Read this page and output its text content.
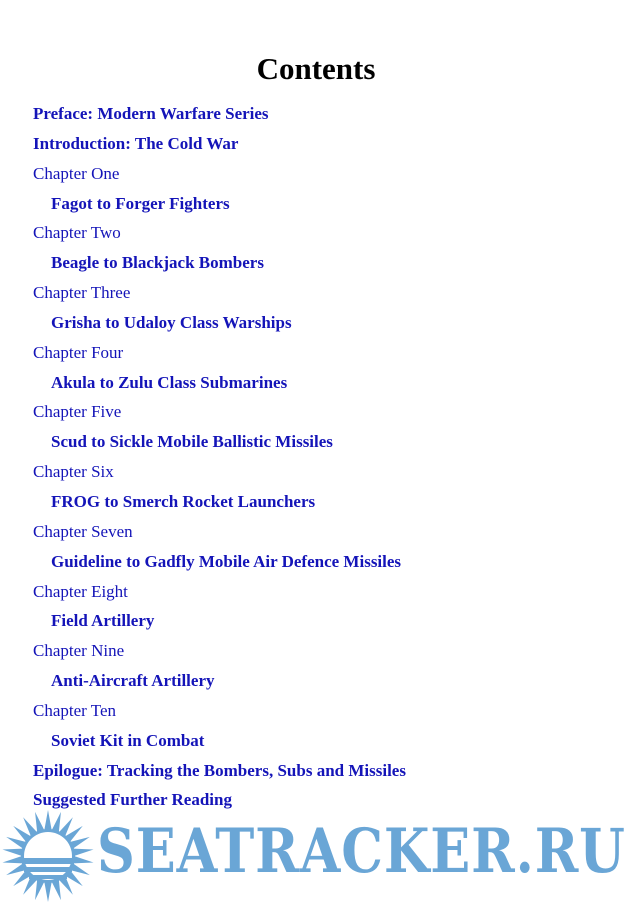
Contents
Preface: Modern Warfare Series
Introduction: The Cold War
Chapter One
Fagot to Forger Fighters
Chapter Two
Beagle to Blackjack Bombers
Chapter Three
Grisha to Udaloy Class Warships
Chapter Four
Akula to Zulu Class Submarines
Chapter Five
Scud to Sickle Mobile Ballistic Missiles
Chapter Six
FROG to Smerch Rocket Launchers
Chapter Seven
Guideline to Gadfly Mobile Air Defence Missiles
Chapter Eight
Field Artillery
Chapter Nine
Anti-Aircraft Artillery
Chapter Ten
Soviet Kit in Combat
Epilogue: Tracking the Bombers, Subs and Missiles
Suggested Further Reading
SEATRACKER.RU
